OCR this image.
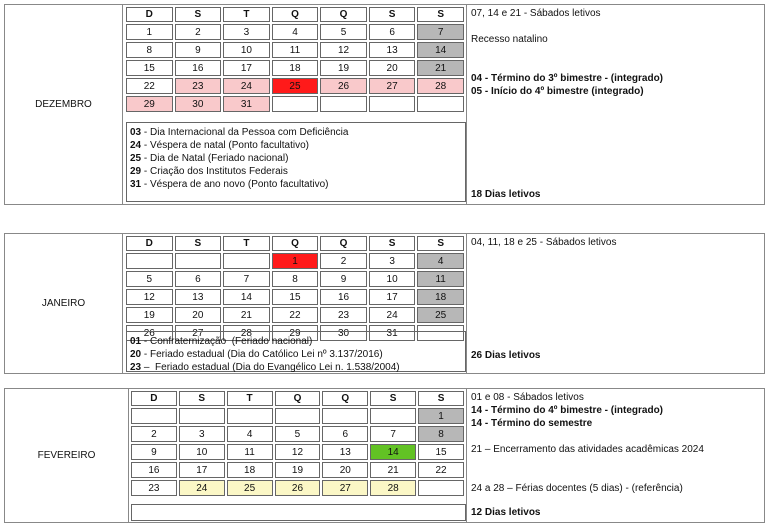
DEZEMBRO
D	S	T	Q	Q	S	S
1	2	3	4	5	6	7
8	9	10	11	12	13	14
15	16	17	18	19	20	21
22	23	24	25	26	27	28
29	30	31				
03 - Dia Internacional da Pessoa com Deficiência
24 - Véspera de natal (Ponto facultativo)
25 - Dia de Natal (Feriado nacional)
29 - Criação dos Institutos Federais
31 - Véspera de ano novo (Ponto facultativo)
07, 14 e 21 - Sábados letivos
Recesso natalino
04 - Término do 3º bimestre - (integrado)
05 - Início do 4º bimestre (integrado)
18 Dias letivos
JANEIRO
D	S	T	Q	Q	S	S
			1	2	3	4
5	6	7	8	9	10	11
12	13	14	15	16	17	18
19	20	21	22	23	24	25
26	27	28	29	30	31	
01 - Confraternização  (Feriado nacional)
20 - Feriado estadual (Dia do Católico Lei nº 3.137/2016)
23 –  Feriado estadual (Dia do Evangélico Lei n. 1.538/2004)
04, 11, 18 e 25 - Sábados letivos
26 Dias letivos
FEVEREIRO
D	S	T	Q	Q	S	S
						1
2	3	4	5	6	7	8
9	10	11	12	13	14	15
16	17	18	19	20	21	22
23	24	25	26	27	28	
01 e 08 - Sábados letivos
14 - Término do 4º bimestre - (integrado)
14 - Término do semestre
21 – Encerramento das atividades acadêmicas 2024
24 a 28 – Férias docentes (5 dias) - (referência)
12 Dias letivos
